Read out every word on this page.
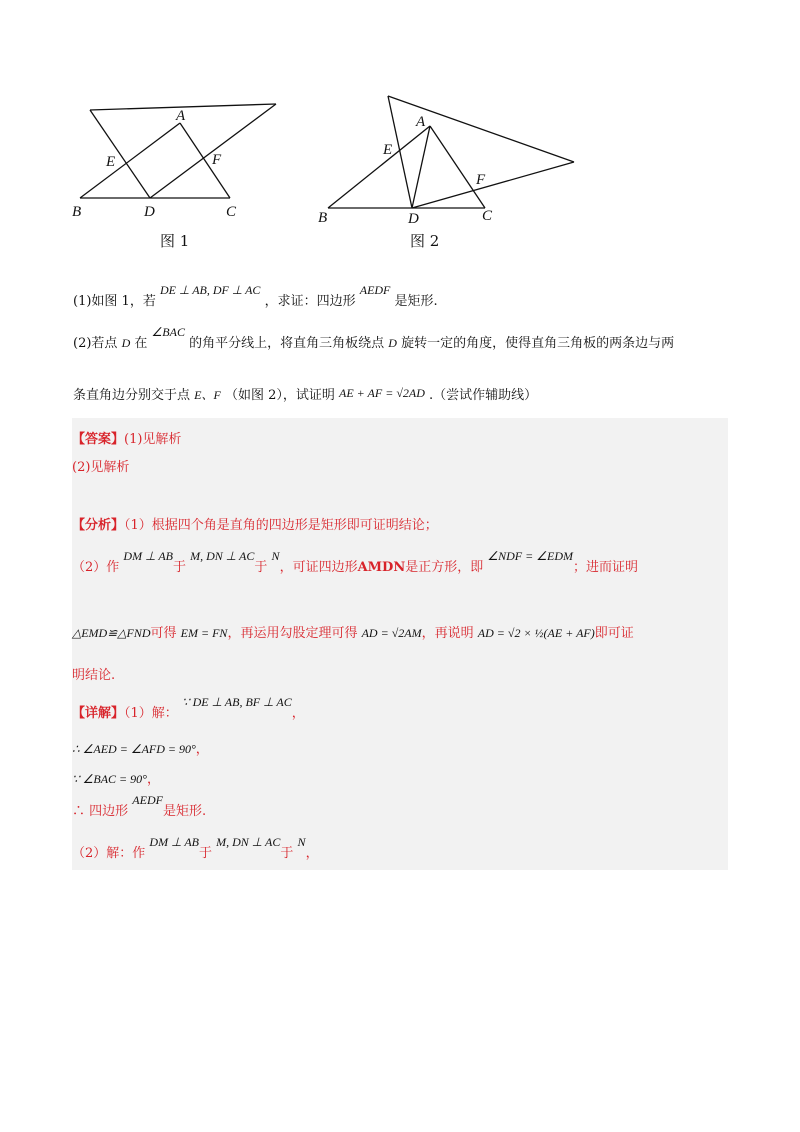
A
B	C
D
E	F
A
B	C
D
E
F
图 1	图 2
(1)如图 1，若 DE ⊥ AB, DF ⊥ AC ，求证：四边形 AEDF 是矩形.
(2)若点 D 在 ∠BAC 的角平分线上，将直角三角板绕点 D 旋转一定的角度，使得直角三角板的两条边与两
条直角边分别交于点 E、F （如图 2），试证明 AE + AF = √2AD .（尝试作辅助线）
【答案】(1)见解析
(2)见解析
【分析】（1）根据四个角是直角的四边形是矩形即可证明结论；
（2）作 DM ⊥ AB于 M, DN ⊥ AC于 N，可证四边形AMDN是正方形，即 ∠NDF = ∠EDM；进而证明
△EMD≌△FND可得 EM = FN，再运用勾股定理可得 AD = √2AM，再说明 AD = √2 × ½(AE + AF)即可证
明结论.
【详解】（1）解： ∵ DE ⊥ AB, BF ⊥ AC，
∴ ∠AED = ∠AFD = 90°，
∵ ∠BAC = 90°，
∴ 四边形 AEDF是矩形.
（2）解：作 DM ⊥ AB于 M, DN ⊥ AC于 N，
